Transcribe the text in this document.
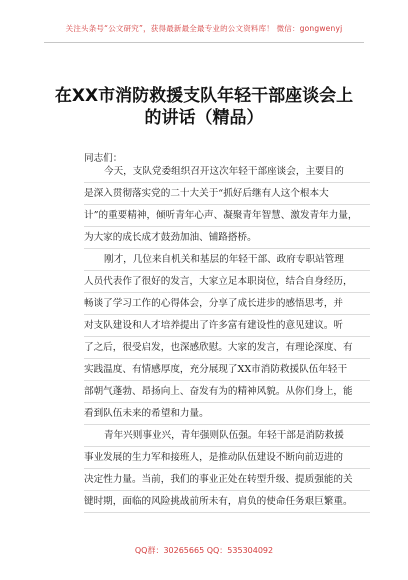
关注头条号“公文研究”，获得最新最全最专业的公文资料库！ 微信：gongwenyj
在XX市消防救援支队年轻干部座谈会上
的讲话（精品）
同志们：
今天，支队党委组织召开这次年轻干部座谈会，主要目的
是深入贯彻落实党的二十大关于“抓好后继有人这个根本大
计”的重要精神，倾听青年心声、凝聚青年智慧、激发青年力量，
为大家的成长成才鼓劲加油、铺路搭桥。
刚才，几位来自机关和基层的年轻干部、政府专职站管理
人员代表作了很好的发言，大家立足本职岗位，结合自身经历，
畅谈了学习工作的心得体会，分享了成长进步的感悟思考，并
对支队建设和人才培养提出了许多富有建设性的意见建议。听
了之后，很受启发，也深感欣慰。大家的发言，有理论深度、有
实践温度、有情感厚度，充分展现了XX市消防救援队伍年轻干
部朝气蓬勃、昂扬向上、奋发有为的精神风貌。从你们身上，能
看到队伍未来的希望和力量。
青年兴则事业兴，青年强则队伍强。年轻干部是消防救援
事业发展的生力军和接班人，是推动队伍建设不断向前迈进的
决定性力量。当前，我们的事业正处在转型升级、提质强能的关
键时期，面临的风险挑战前所未有，肩负的使命任务艰巨繁重。
QQ群：30265665 QQ：535304092
